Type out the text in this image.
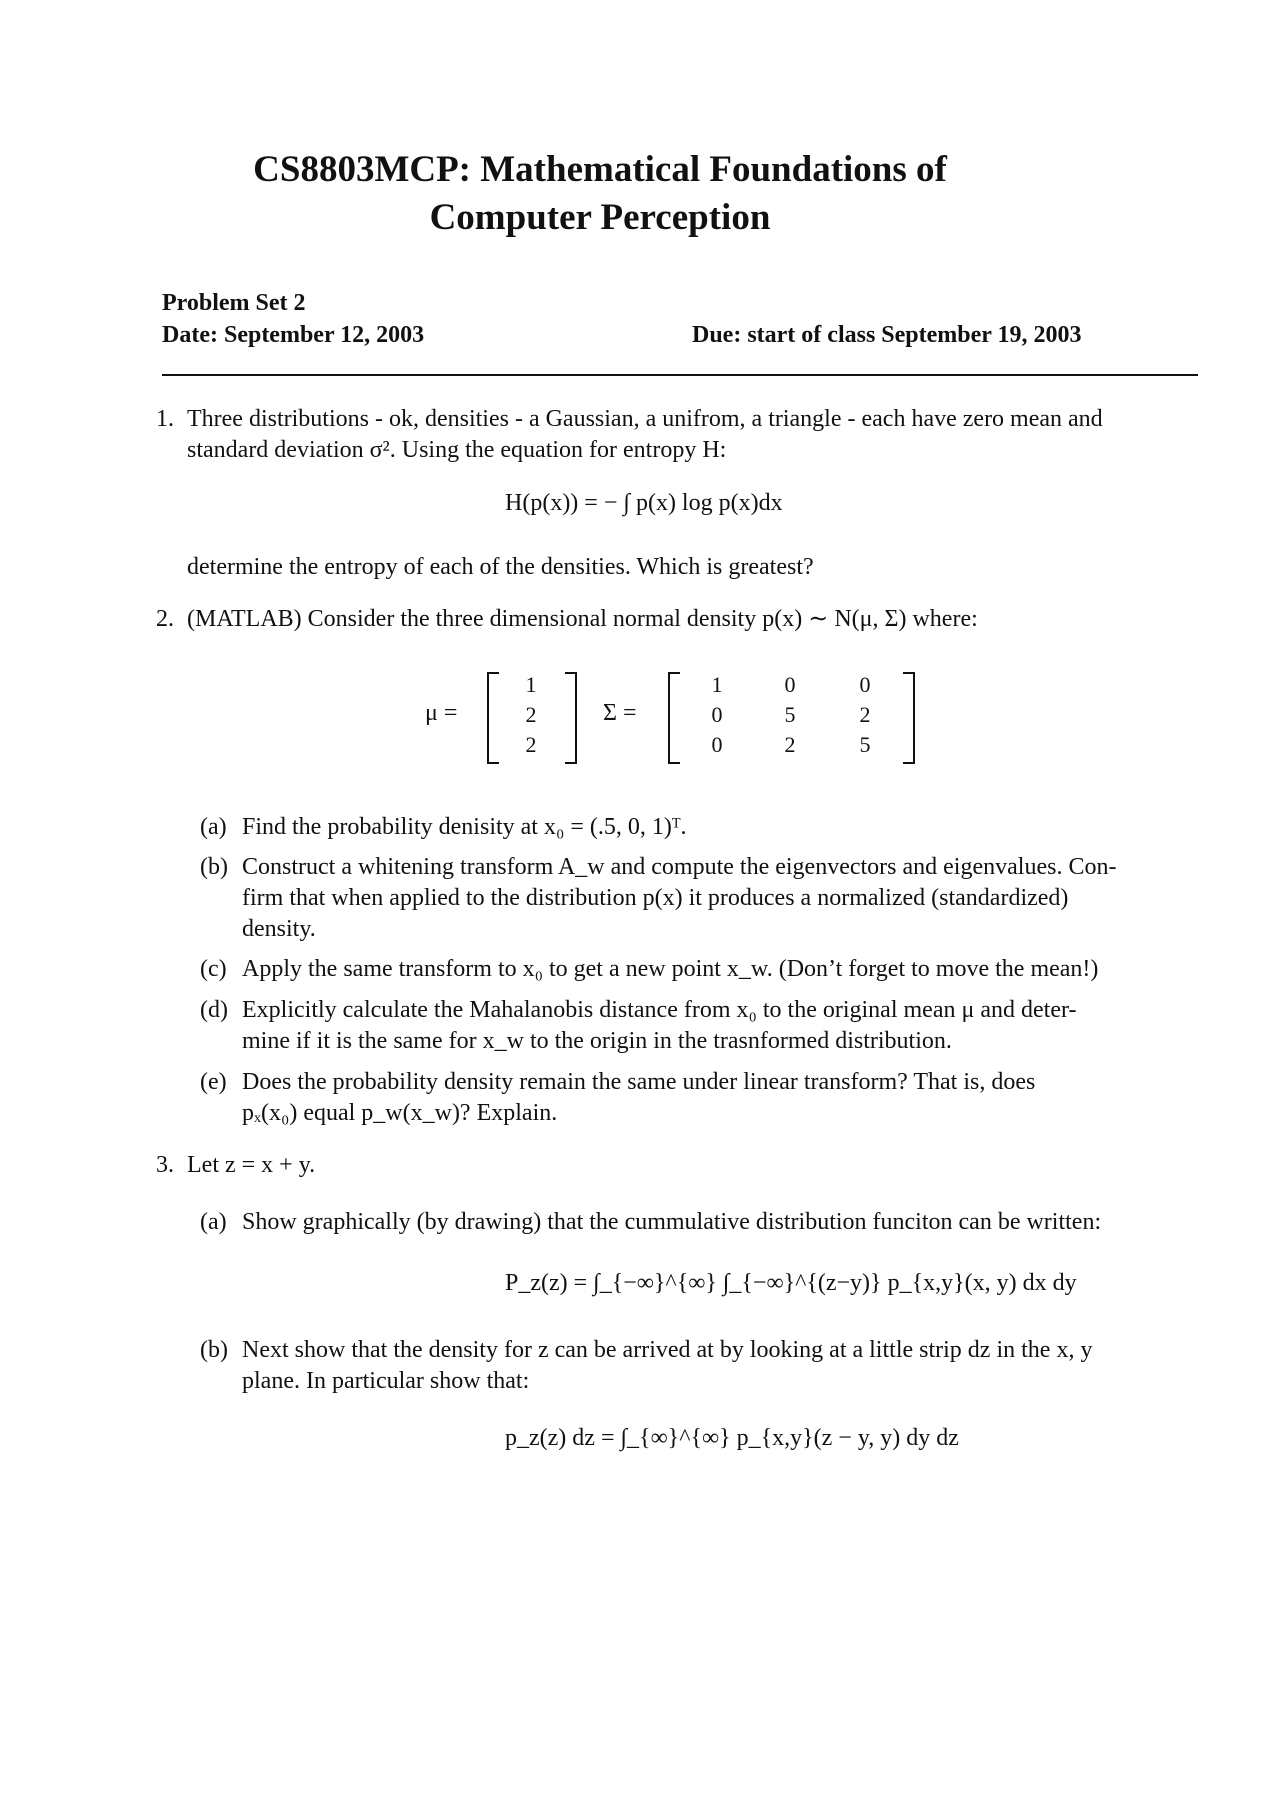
CS8803MCP: Mathematical Foundations of
Computer Perception
Problem Set 2
Date: September 12, 2003	Due: start of class September 19, 2003
1. Three distributions - ok, densities - a Gaussian, a unifrom, a triangle - each have zero mean and
standard deviation σ². Using the equation for entropy H:
H(p(x)) = − ∫ p(x) log p(x)dx
determine the entropy of each of the densities. Which is greatest?
2. (MATLAB) Consider the three dimensional normal density p(x) ∼ N(μ, Σ) where:
μ =
1
2
2
Σ =
1	0	0
0	5	2
0	2	5
(a) Find the probability denisity at x₀ = (.5, 0, 1)ᵀ.
(b) Construct a whitening transform A_w and compute the eigenvectors and eigenvalues. Con-
firm that when applied to the distribution p(x) it produces a normalized (standardized)
density.
(c) Apply the same transform to x₀ to get a new point x_w. (Don’t forget to move the mean!)
(d) Explicitly calculate the Mahalanobis distance from x₀ to the original mean μ and deter-
mine if it is the same for x_w to the origin in the trasnformed distribution.
(e) Does the probability density remain the same under linear transform? That is, does
pₓ(x₀) equal p_w(x_w)? Explain.
3. Let z = x + y.
(a) Show graphically (by drawing) that the cummulative distribution funciton can be written:
P_z(z) = ∫_{−∞}^{∞} ∫_{−∞}^{(z−y)} p_{x,y}(x, y) dx dy
(b) Next show that the density for z can be arrived at by looking at a little strip dz in the x, y
plane. In particular show that:
p_z(z) dz = ∫_{∞}^{∞} p_{x,y}(z − y, y) dy dz
